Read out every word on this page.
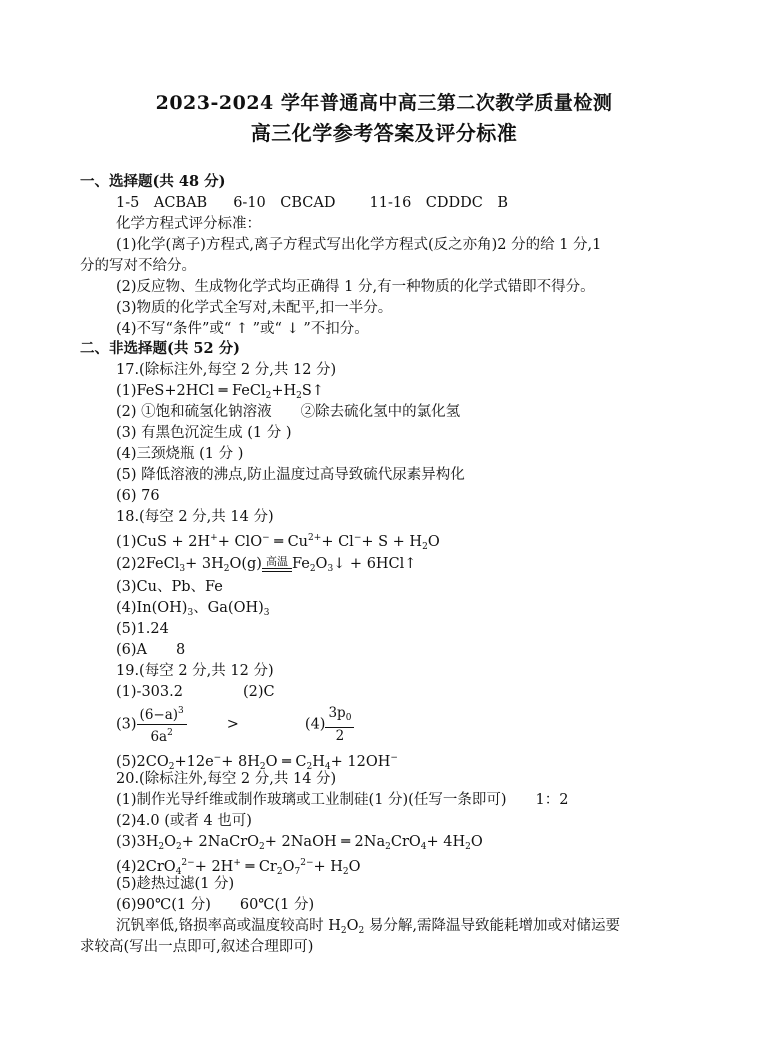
2023-2024 学年普通高中高三第二次教学质量检测
高三化学参考答案及评分标准
一、选择题(共 48 分)
1-5　ACBAB 6-10　CBCAD 11-16　CDDDC　B
化学方程式评分标准：
(1)化学(离子)方程式,离子方程式写出化学方程式(反之亦角)2 分的给 1 分,1
分的写对不给分。
(2)反应物、生成物化学式均正确得 1 分,有一种物质的化学式错即不得分。
(3)物质的化学式全写对,未配平,扣一半分。
(4)不写“条件”或“ ↑ ”或“ ↓ ”不扣分。
二、非选择题(共 52 分)
17.(除标注外,每空 2 分,共 12 分)
(1)FeS+2HCl ═ $FeCl_2+H_2S↑$
(2) ①饱和硫氢化钠溶液　　②除去硫化氢中的氯化氢
(3) 有黑色沉淀生成 (1 分 )
(4)三颈烧瓶 (1 分 )
(5) 降低溶液的沸点,防止温度过高导致硫代尿素异构化
(6) 76
18.(每空 2 分,共 14 分)
(1)CuS + 2H++ ClO− ═ $Cu^{2+}+ Cl^-+ S + H_2O$
(2)2FeCl$_3$+ $3H_2O(g)$ 高温 $Fe_2O_3↓$ + 6HCl↑
(3)Cu、Pb、Fe
$(4)In(OH)_3$、$Ga(OH)_3$
(5)1.24
(6)A　　8
19.(每空 2 分,共 12 分)
(1)-303.2	(2)C
$(3) \frac{(6-a)^3}{6a^2}$	>	$(4) \frac{3p_0}{2}$
$(5)2CO_2+12e^-+ 8H_2O$ ═ $C_2H_4+ 12OH^-$
20.(除标注外,每空 2 分,共 14 分)
(1)制作光导纤维或制作玻璃或工业制硅(1 分)(任写一条即可)　　1：2
(2)4.0 (或者 4 也可)
$(3)3H_2O_2+$ 2NaCrO$_2$+ 2NaOH ═ $2Na_2CrO_4+ 4H_2O$
(4)2CrO$_4^{2-}$+ 2H+ ═ $Cr_2O_7^{2-}+ H_2O$
(5)趁热过滤(1 分)
(6)90℃(1 分)　　60℃(1 分)
沉钒率低,铬损率高或温度较高时 $H_2O_2$ 易分解,需降温导致能耗增加或对储运要
求较高(写出一点即可,叙述合理即可)
